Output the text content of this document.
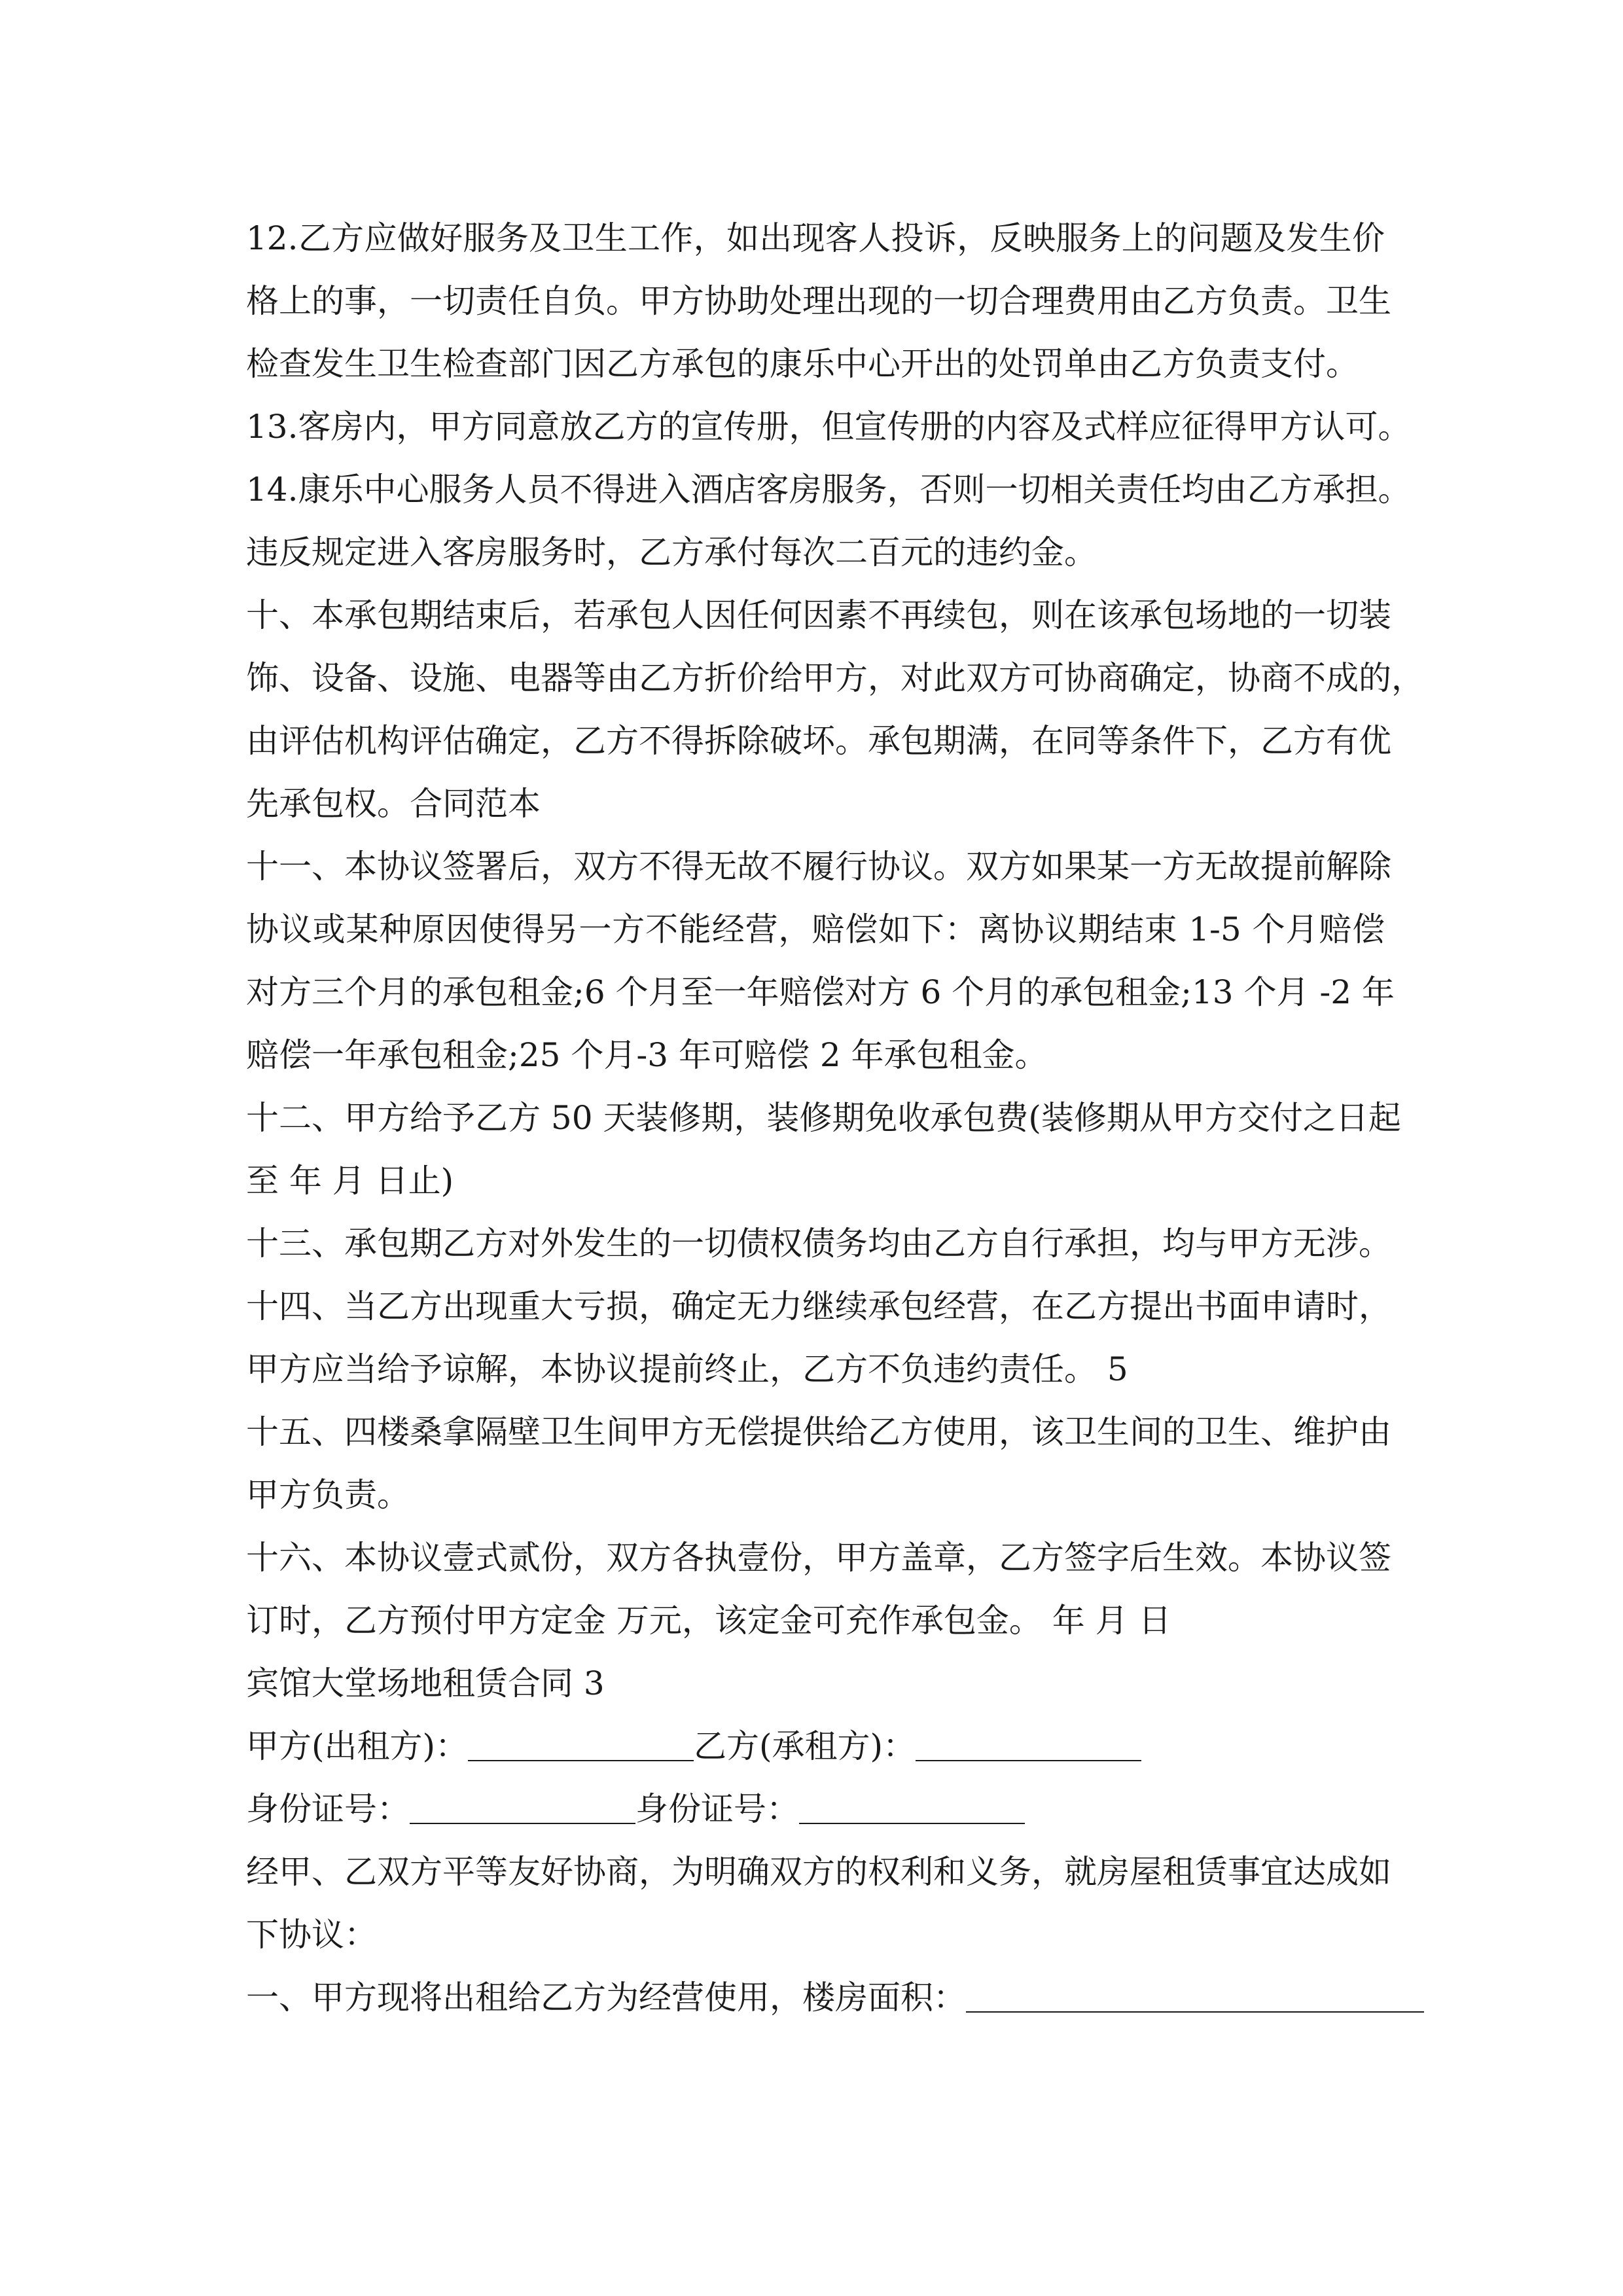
12.乙方应做好服务及卫生工作，如出现客人投诉，反映服务上的问题及发生价
格上的事，一切责任自负。甲方协助处理出现的一切合理费用由乙方负责。卫生
检查发生卫生检查部门因乙方承包的康乐中心开出的处罚单由乙方负责支付。
13.客房内，甲方同意放乙方的宣传册，但宣传册的内容及式样应征得甲方认可。
14.康乐中心服务人员不得进入酒店客房服务，否则一切相关责任均由乙方承担。
违反规定进入客房服务时，乙方承付每次二百元的违约金。
十、本承包期结束后，若承包人因任何因素不再续包，则在该承包场地的一切装
饰、设备、设施、电器等由乙方折价给甲方，对此双方可协商确定，协商不成的，
由评估机构评估确定，乙方不得拆除破坏。承包期满，在同等条件下，乙方有优
先承包权。合同范本
十一、本协议签署后，双方不得无故不履行协议。双方如果某一方无故提前解除
协议或某种原因使得另一方不能经营，赔偿如下：离协议期结束 1-5 个月赔偿
对方三个月的承包租金;6 个月至一年赔偿对方 6 个月的承包租金;13 个月 -2 年
赔偿一年承包租金;25 个月-3 年可赔偿 2 年承包租金。
十二、甲方给予乙方 50 天装修期，装修期免收承包费(装修期从甲方交付之日起
至 年 月 日止)
十三、承包期乙方对外发生的一切债权债务均由乙方自行承担，均与甲方无涉。
十四、当乙方出现重大亏损，确定无力继续承包经营，在乙方提出书面申请时，
甲方应当给予谅解，本协议提前终止，乙方不负违约责任。 5
十五、四楼桑拿隔壁卫生间甲方无偿提供给乙方使用，该卫生间的卫生、维护由
甲方负责。
十六、本协议壹式贰份，双方各执壹份，甲方盖章，乙方签字后生效。本协议签
订时，乙方预付甲方定金 万元，该定金可充作承包金。 年 月 日
宾馆大堂场地租赁合同 3
甲方(出租方)：	乙方(承租方)：
身份证号：	身份证号：
经甲、乙双方平等友好协商，为明确双方的权利和义务，就房屋租赁事宜达成如
下协议：
一、甲方现将出租给乙方为经营使用，楼房面积：
